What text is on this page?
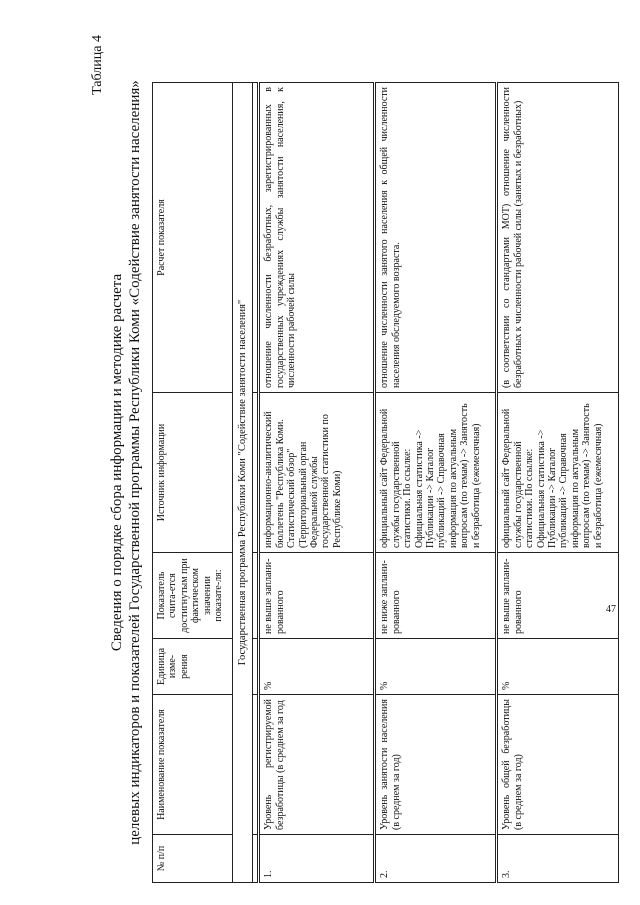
47
Таблица 4
Сведения о порядке сбора информации и методике расчета целевых индикаторов и показателей Государственной программы Республики Коми «Содействие занятости населения»
№ п/п	Наименование показателя	Единица изме-рения	Показатель счита-ется достигнутым при фактическом значении показате-ля:	Источник информации	Расчет показателя
Государственная программа Республики Коми "Содействие занятости населения"					

1.	Уровень регистрируемой безработицы (в среднем за год	%	не выше заплани-рованного	информационно-аналитический бюллетень "Республика Коми. Статистический обзор" (Территориальный орган Федеральной службы государственной статистики по Республике Коми)	отношение численности безработных, зарегистрированных в государственных учреждениях службы занятости населения, к численности рабочей силы
2.	Уровень занятости населения (в среднем за год)	%	не ниже заплани-рованного	официальный сайт Федеральной службы государственной статистики. По ссылке: Официальная статистика -> Публикации -> Каталог публикаций -> Справочная информация по актуальным вопросам (по темам) -> Занятость и безработица (ежемесячная)	отношение численности занятого населения к общей численности населения обследуемого возраста.
3.	Уровень общей безработицы (в среднем за год)	%	не выше заплани-рованного	официальный сайт Федеральной службы государственной статистики. По ссылке: Официальная статистика -> Публикации -> Каталог публикаций -> Справочная информация по актуальным вопросам (по темам) -> Занятость и безработица (ежемесячная)	(в соответствии со стандартами МОТ) отношение численности безработных к численности рабочей силы (занятых и безработных)
